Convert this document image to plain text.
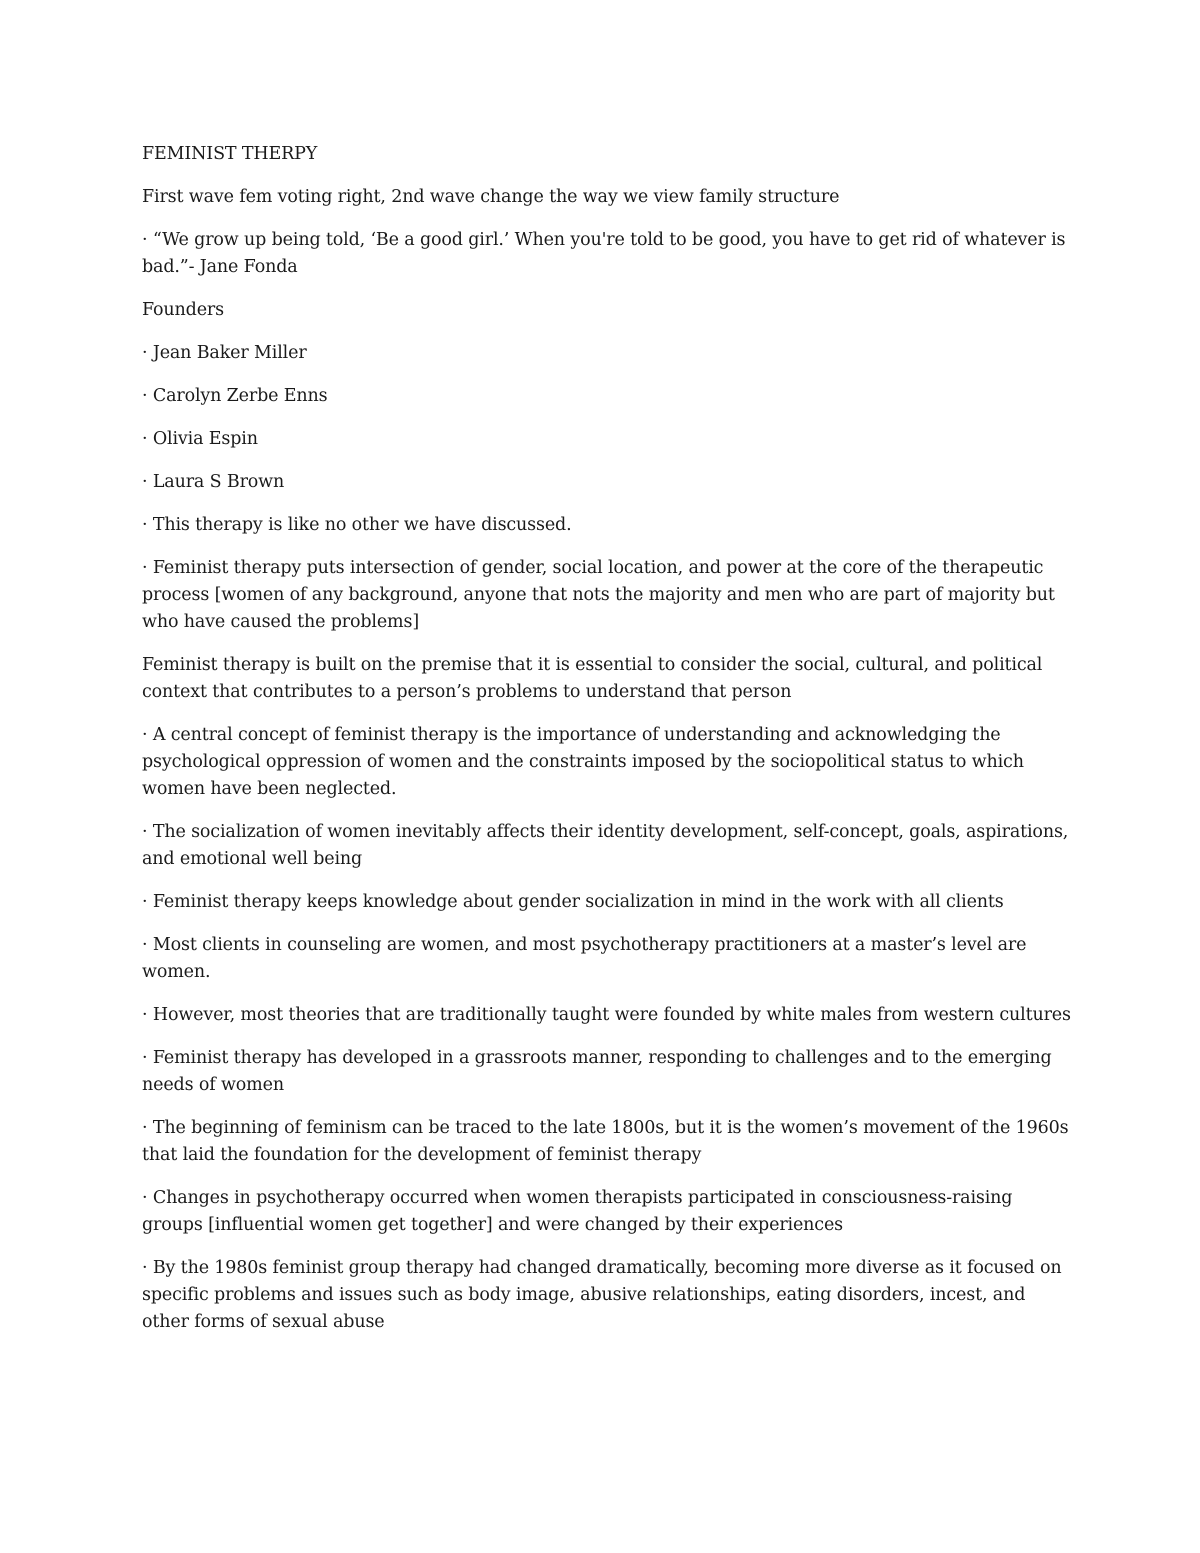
FEMINIST THERPY

First wave fem voting right, 2nd wave change the way we view family structure

· “We grow up being told, ‘Be a good girl.’ When you're told to be good, you have to get rid of whatever is bad.”- Jane Fonda

Founders

· Jean Baker Miller

· Carolyn Zerbe Enns

· Olivia Espin

· Laura S Brown

· This therapy is like no other we have discussed.

· Feminist therapy puts intersection of gender, social location, and power at the core of the therapeutic process [women of any background, anyone that nots the majority and men who are part of majority but who have caused the problems]

Feminist therapy is built on the premise that it is essential to consider the social, cultural, and political context that contributes to a person’s problems to understand that person

· A central concept of feminist therapy is the importance of understanding and acknowledging the psychological oppression of women and the constraints imposed by the sociopolitical status to which women have been neglected.

· The socialization of women inevitably affects their identity development, self-concept, goals, aspirations, and emotional well being

· Feminist therapy keeps knowledge about gender socialization in mind in the work with all clients

· Most clients in counseling are women, and most psychotherapy practitioners at a master’s level are women.

· However, most theories that are traditionally taught were founded by white males from western cultures

· Feminist therapy has developed in a grassroots manner, responding to challenges and to the emerging needs of women

· The beginning of feminism can be traced to the late 1800s, but it is the women’s movement of the 1960s that laid the foundation for the development of feminist therapy

· Changes in psychotherapy occurred when women therapists participated in consciousness-raising groups [influential women get together] and were changed by their experiences

· By the 1980s feminist group therapy had changed dramatically, becoming more diverse as it focused on specific problems and issues such as body image, abusive relationships, eating disorders, incest, and other forms of sexual abuse
